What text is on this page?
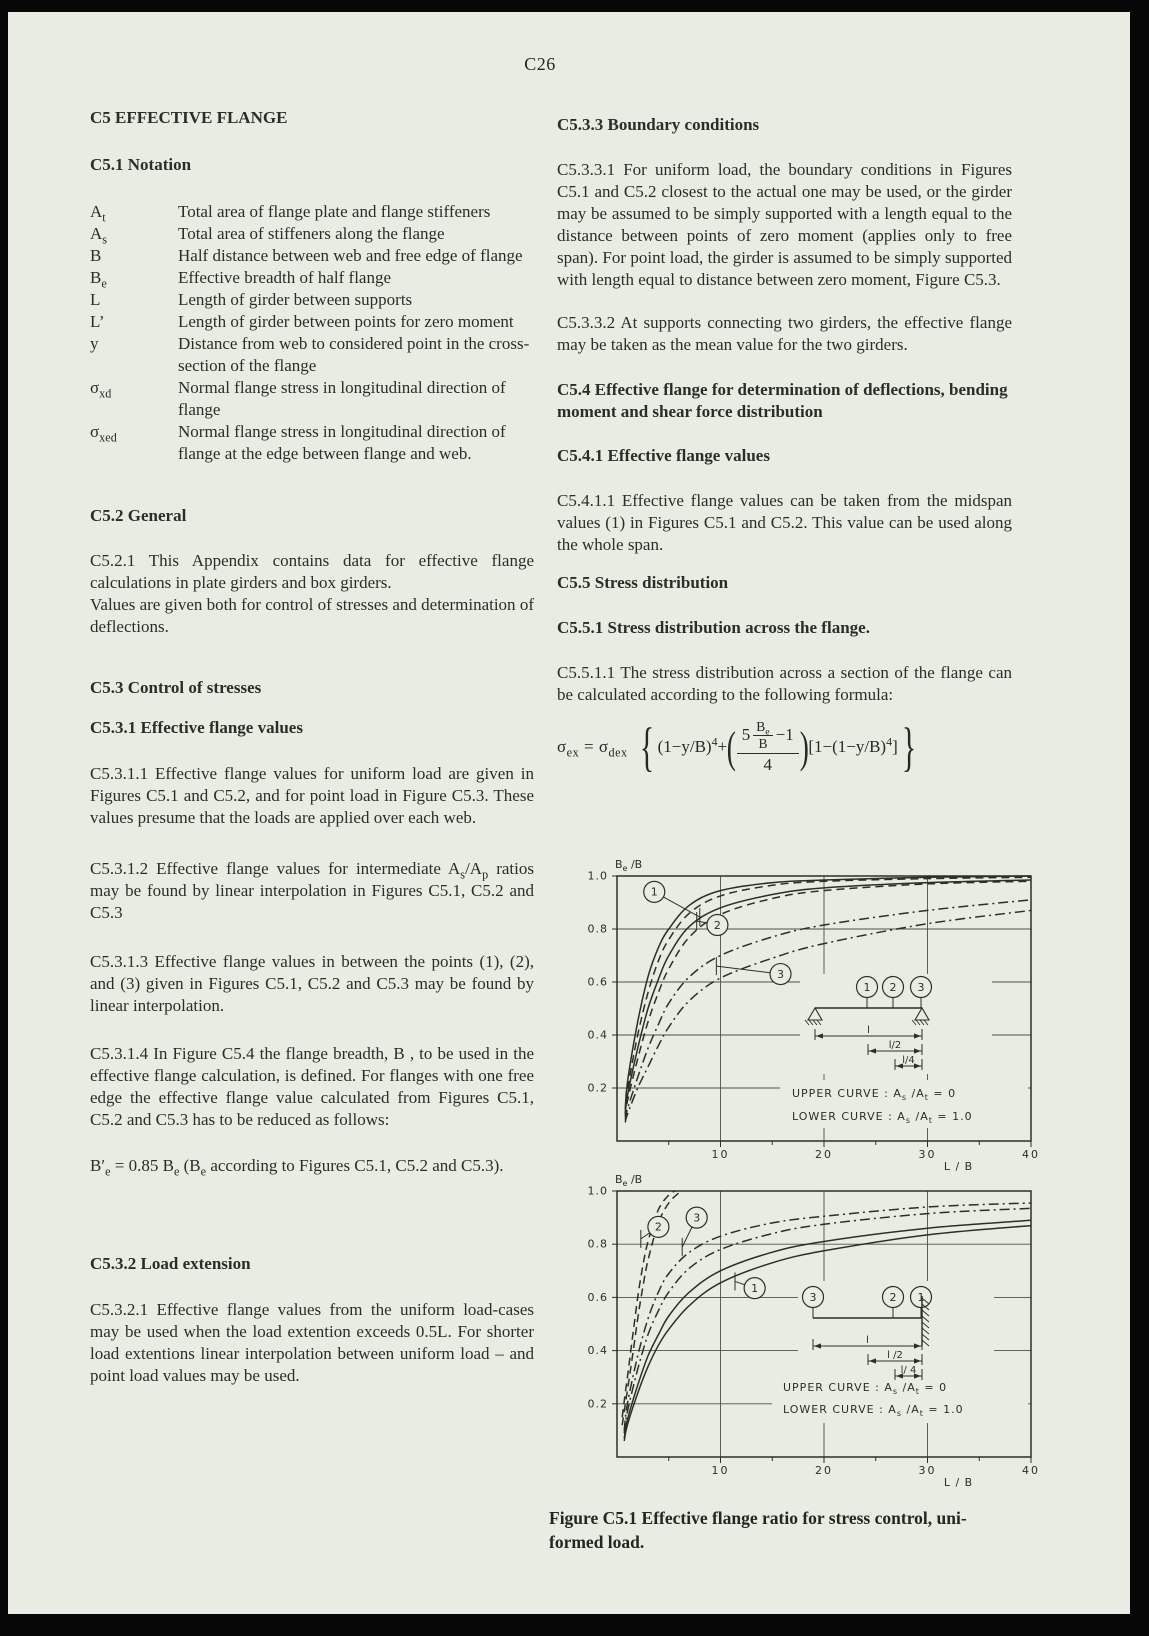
C26

C5 EFFECTIVE FLANGE

C5.1 Notation

$A_t$	Total area of flange plate and flange stiffeners
$A_s$	Total area of stiffeners along the flange
B	Half distance between web and free edge of flange
$B_e$	Effective breadth of half flange
L	Length of girder between supports
L’	Length of girder between points for zero moment
y	Distance from web to considered point in the cross-section of the flange
$\sigma_{xd}$	Normal flange stress in longitudinal direction of flange
$\sigma_{xed}$	Normal flange stress in longitudinal direction of flange at the edge between flange and web.

C5.2 General

C5.2.1 This Appendix contains data for effective flange calculations in plate girders and box girders.

Values are given both for control of stresses and determination of deflections.

C5.3 Control of stresses

C5.3.1 Effective flange values

C5.3.1.1 Effective flange values for uniform load are given in Figures C5.1 and C5.2, and for point load in Figure C5.3. These values presume that the loads are applied over each web.

C5.3.1.2 Effective flange values for intermediate $A_s/A_p$ ratios may be found by linear interpolation in Figures C5.1, C5.2 and C5.3

C5.3.1.3 Effective flange values in between the points (1), (2), and (3) given in Figures C5.1, C5.2 and C5.3 may be found by linear interpolation.

C5.3.1.4 In Figure C5.4 the flange breadth, B , to be used in the effective flange calculation, is defined. For flanges with one free edge the effective flange value calculated from Figures C5.1, C5.2 and C5.3 has to be reduced as follows:

$B'_e = 0.85$ $B_e$ ($B_e$ according to Figures C5.1, C5.2 and C5.3).

C5.3.2 Load extension

C5.3.2.1 Effective flange values from the uniform load-cases may be used when the load extention exceeds 0.5L. For shorter load extentions linear interpolation between uniform load – and point load values may be used.

C5.3.3 Boundary conditions

C5.3.3.1 For uniform load, the boundary conditions in Figures C5.1 and C5.2 closest to the actual one may be used, or the girder may be assumed to be simply supported with a length equal to the distance between points of zero moment (applies only to free span). For point load, the girder is assumed to be simply supported with length equal to distance between zero moment, Figure C5.3.

C5.3.3.2 At supports connecting two girders, the effective flange may be taken as the mean value for the two girders.

C5.4 Effective flange for determination of deflections, bending moment and shear force distribution

C5.4.1 Effective flange values

C5.4.1.1 Effective flange values can be taken from the midspan values (1) in Figures C5.1 and C5.2. This value can be used along the whole span.

C5.5 Stress distribution

C5.5.1 Stress distribution across the flange.

C5.5.1.1 The stress distribution across a section of the flange can be calculated according to the following formula:

$\sigma_{ex} = \sigma_{dex}$ { $(1-y/B)^4$ + ( 5 $B_e$
B −1
4 ) $[1-(1-y/B)^4]$ }
0.2
0.4
0.6
0.8
1.0
10	20	30	40
L / B
$B_e$ /B
1
2
3
1 2 3
l
l/2
l/4
UPPER CURVE : $A_s$ $/A_t = 0$
LOWER CURVE : $A_s$ $/A_t = 1.0$
0.2
0.4
0.6
0.8
1.0
10	20	30	40
L / B
$B_e$ /B
2
3
1
3	2 1
l
l /2
l/ 4
UPPER CURVE : $A_s$ $/A_t = 0$
LOWER CURVE : $A_s$ $/A_t = 1.0$
Figure C5.1 Effective flange ratio for stress control, uni-
formed load.
